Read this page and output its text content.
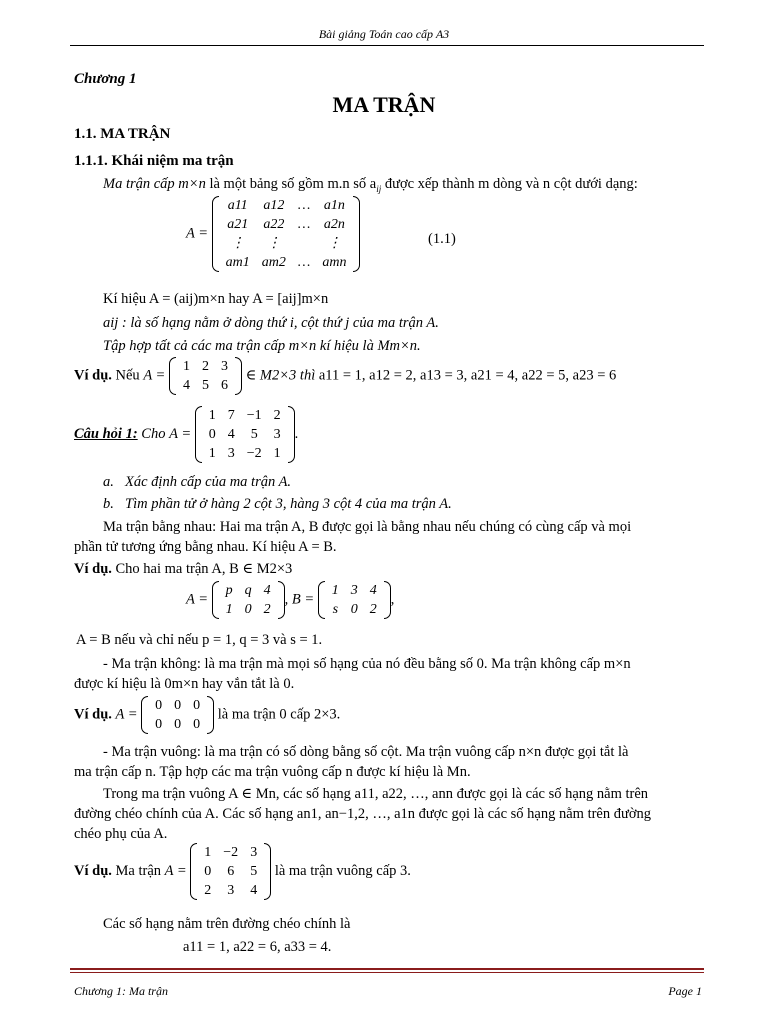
Bài giảng Toán cao cấp A3
Chương 1
MA TRẬN
1.1. MA TRẬN
1.1.1. Khái niệm ma trận
Ma trận cấp m×n là một bảng số gồm m.n số $a_{ij}$ được xếp thành m dòng và n cột dưới dạng:
A =
a11	a12	…	a1n
a21	a22	…	a2n
⋮	⋮		⋮
am1	am2	…	amn
(1.1)
Kí hiệu A = (aij)m×n hay A = [aij]m×n
aij : là số hạng nằm ở dòng thứ i, cột thứ j của ma trận A.
Tập hợp tất cả các ma trận cấp m×n kí hiệu là Mm×n.
Ví dụ. Nếu A =
1	2	3
4	5	6
∈ M2×3 thì a11 = 1, a12 = 2, a13 = 3, a21 = 4, a22 = 5, a23 = 6
Câu hỏi 1: Cho A =
1	7	−1	2
0	4	5	3
1	3	−2	1
.
a. Xác định cấp của ma trận A.
b. Tìm phần tử ở hàng 2 cột 3, hàng 3 cột 4 của ma trận A.
Ma trận bằng nhau: Hai ma trận A, B được gọi là bằng nhau nếu chúng có cùng cấp và mọi
phần tử tương ứng bằng nhau. Kí hiệu A = B.
Ví dụ. Cho hai ma trận A, B ∈ M2×3
A =
p	q	4
1	0	2
, B =
1	3	4
s	0	2
,
A = B nếu và chỉ nếu p = 1, q = 3 và s = 1.
- Ma trận không: là ma trận mà mọi số hạng của nó đều bằng số 0. Ma trận không cấp m×n
được kí hiệu là 0m×n hay vắn tắt là 0.
Ví dụ. A =
0	0	0
0	0	0
là ma trận 0 cấp 2×3.
- Ma trận vuông: là ma trận có số dòng bằng số cột. Ma trận vuông cấp n×n được gọi tắt là
ma trận cấp n. Tập hợp các ma trận vuông cấp n được kí hiệu là Mn.
Trong ma trận vuông A ∈ Mn, các số hạng a11, a22, …, ann được gọi là các số hạng nằm trên
đường chéo chính của A. Các số hạng an1, an−1,2, …, a1n được gọi là các số hạng nằm trên đường
chéo phụ của A.
Ví dụ. Ma trận A =
1	−2	3
0	6	5
2	3	4
là ma trận vuông cấp 3.
Các số hạng nằm trên đường chéo chính là
a11 = 1, a22 = 6, a33 = 4.
Chương 1: Ma trận	Page 1
